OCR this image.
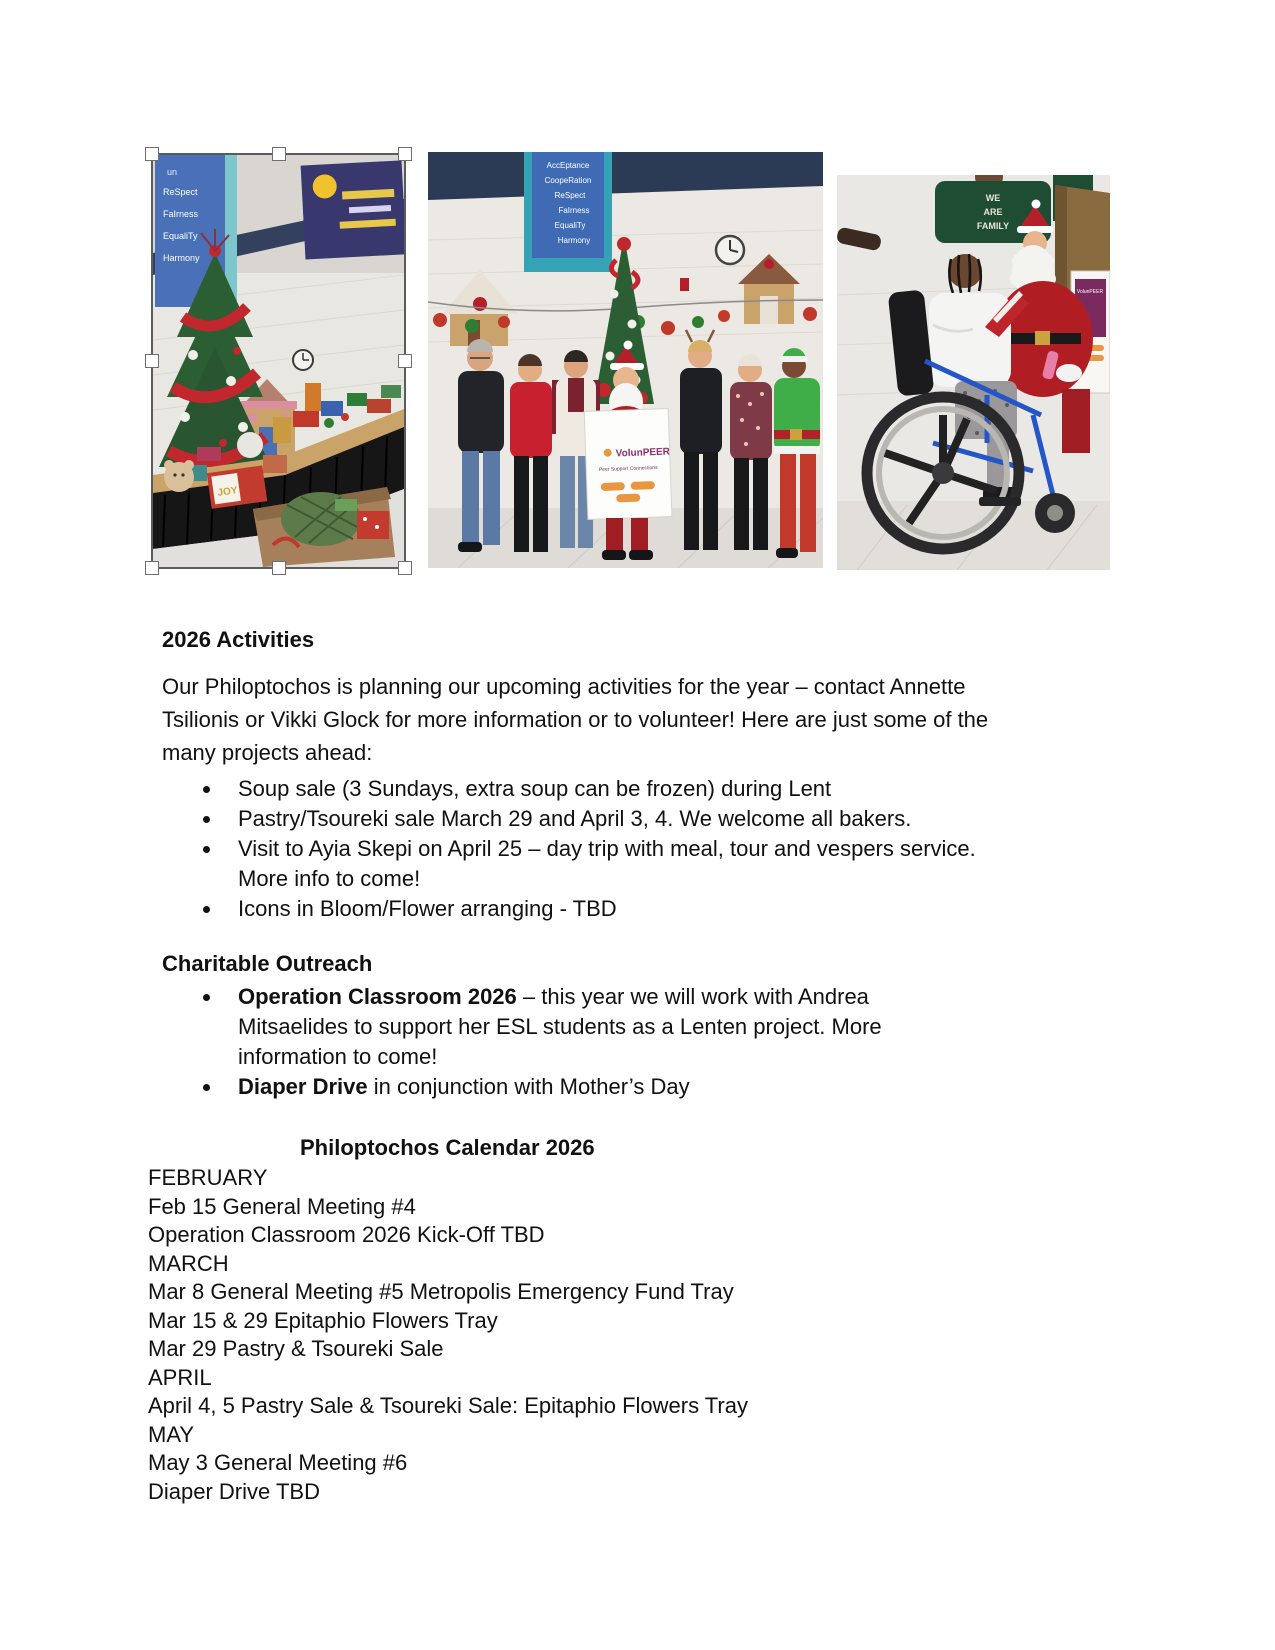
un
ReSpect
FaIrness
EqualiTy
Harmony
JOY
AccEptance
CoopeRation
ReSpect
FaIrness
EqualiTy
Harmony
VolunPEER
Peer Support Connections
WE
ARE
FAMILY
VolunPEER
2026 Activities

Our Philoptochos is planning our upcoming activities for the year – contact Annette Tsilionis or Vikki Glock for more information or to volunteer! Here are just some of the many projects ahead:

Soup sale (3 Sundays, extra soup can be frozen) during Lent
Pastry/Tsoureki sale March 29 and April 3, 4. We welcome all bakers.
Visit to Ayia Skepi on April 25 – day trip with meal, tour and vespers service. More info to come!
Icons in Bloom/Flower arranging - TBD
Charitable Outreach
Operation Classroom 2026 – this year we will work with Andrea Mitsaelides to support her ESL students as a Lenten project. More information to come!
Diaper Drive in conjunction with Mother’s Day
Philoptochos Calendar 2026
FEBRUARY
Feb 15 General Meeting #4
Operation Classroom 2026 Kick-Off TBD
MARCH
Mar 8 General Meeting #5 Metropolis Emergency Fund Tray
Mar 15 & 29 Epitaphio Flowers Tray
Mar 29 Pastry & Tsoureki Sale
APRIL
April 4, 5 Pastry Sale & Tsoureki Sale: Epitaphio Flowers Tray
MAY
May 3 General Meeting #6
Diaper Drive TBD
